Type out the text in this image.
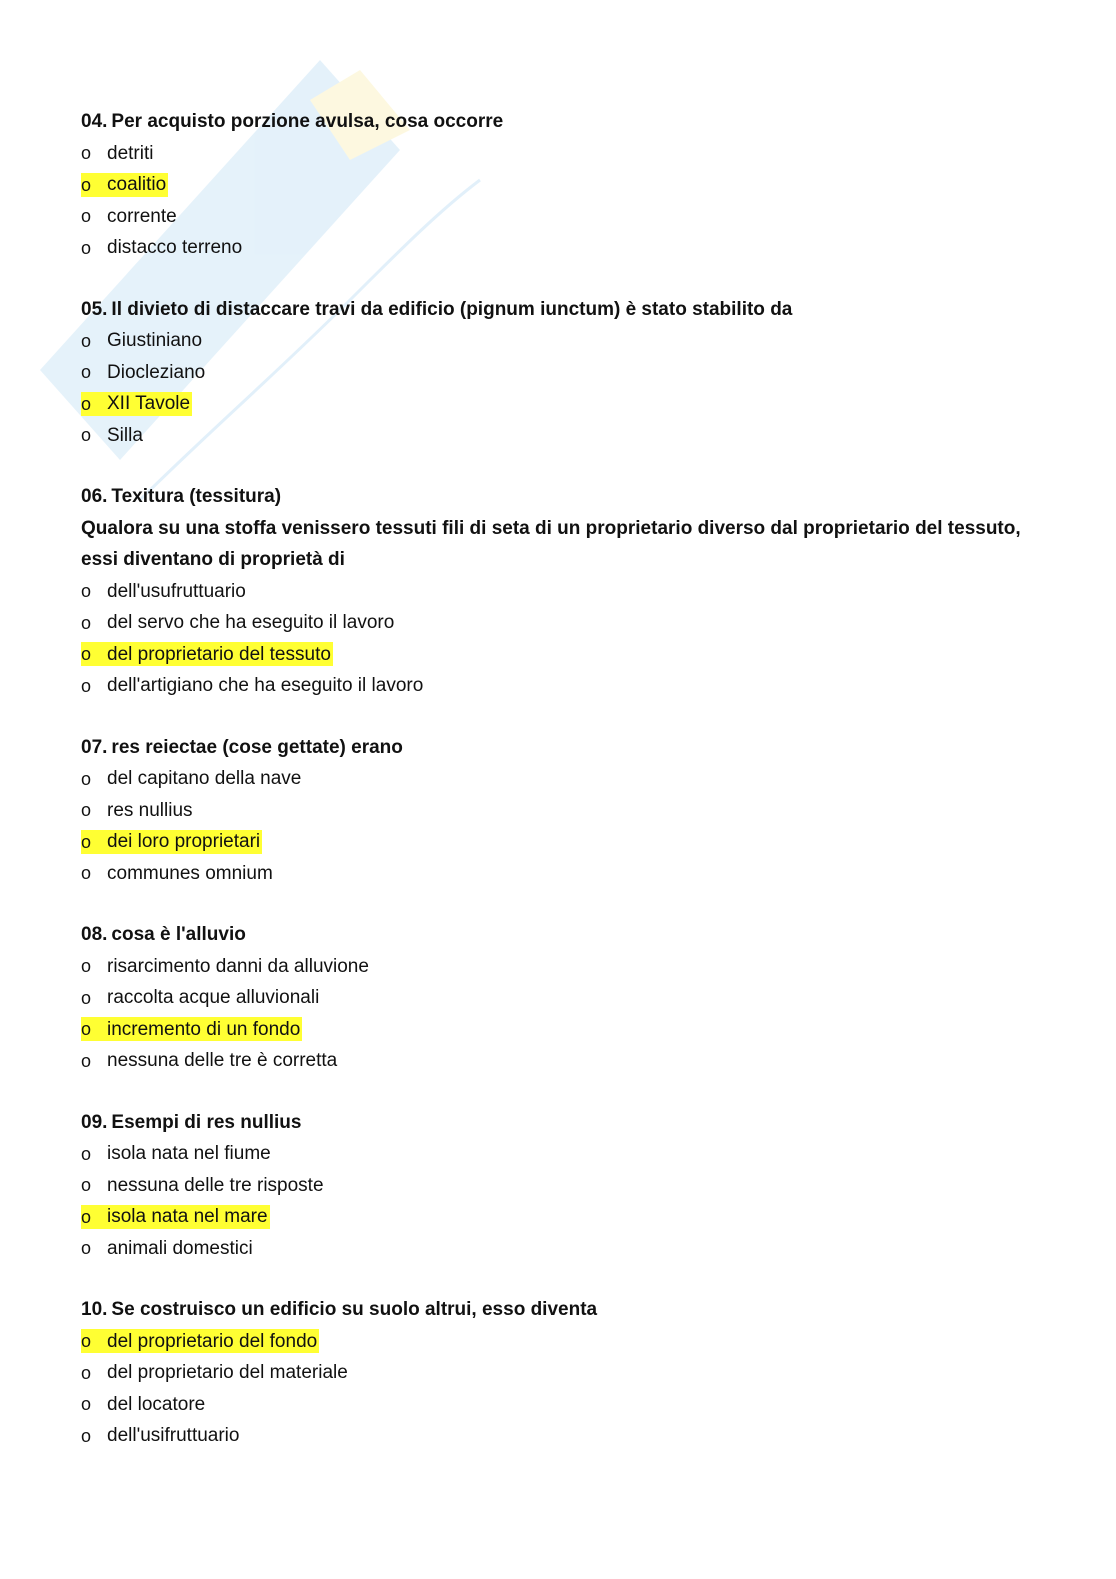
04. Per acquisto porzione avulsa, cosa occorre

o detriti
o coalitio
o corrente
o distacco terreno

05. Il divieto di distaccare travi da edificio (pignum iunctum) è stato stabilito da

o Giustiniano
o Diocleziano
o XII Tavole
o Silla

06. Texitura (tessitura)

Qualora su una stoffa venissero tessuti fili di seta di un proprietario diverso dal proprietario del tessuto, essi diventano di proprietà di

o dell'usufruttuario
o del servo che ha eseguito il lavoro
o del proprietario del tessuto
o dell'artigiano che ha eseguito il lavoro

07. res reiectae (cose gettate) erano

o del capitano della nave
o res nullius
o dei loro proprietari
o communes omnium

08. cosa è l'alluvio

o risarcimento danni da alluvione
o raccolta acque alluvionali
o incremento di un fondo
o nessuna delle tre è corretta

09. Esempi di res nullius

o isola nata nel fiume
o nessuna delle tre risposte
o isola nata nel mare
o animali domestici

10. Se costruisco un edificio su suolo altrui, esso diventa

o del proprietario del fondo
o del proprietario del materiale
o del locatore
o dell'usifruttuario
